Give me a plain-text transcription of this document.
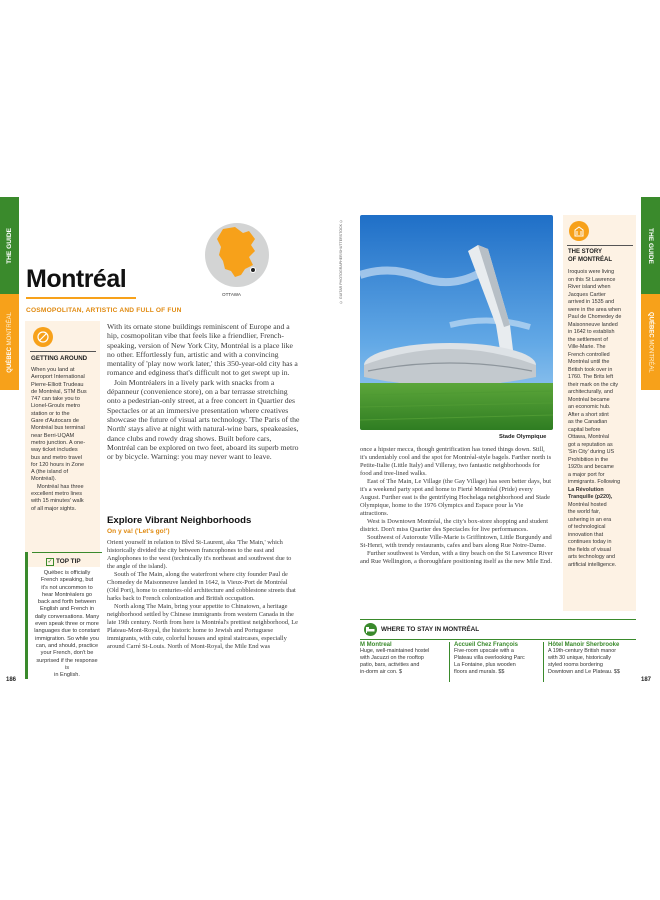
THE GUIDE
QUÉBEC MONTRÉAL
Montréal
COSMOPOLITAN, ARTISTIC AND FULL OF FUN
OTTAWA
GETTING AROUND
When you land at
Aeroport International
Pierre-Elliott Trudeau
de Montréal, STM Bus
747 can take you to
Lionel-Groulx metro
station or to the
Gare d'Autocars de
Montréal bus terminal
near Berri-UQAM
metro junction. A one-
way ticket includes
bus and metro travel
for 120 hours in Zone
A (the island of
Montréal).
Montréal has three
excellent metro lines
with 15 minutes' walk
of all major sights.
✓ TOP TIP
Québec is officially
French speaking, but
it's not uncommon to
hear Montréalers go
back and forth between
English and French in
daily conversations. Many
even speak three or more
languages due to constant
immigration. So while you
can, and should, practice
your French, don't be
surprised if the response is
in English.

With its ornate stone buildings reminiscent of Europe and a hip, cosmopolitan vibe that feels like a friendlier, French-speaking, version of New York City, Montréal is a place like no other. Effortlessly fun, artistic and with a convincing mentality of 'play now work later,' this 350-year-old city has a romance and edginess that's difficult not to get swept up in.

Join Montréalers in a lively park with snacks from a dépanneur (convenience store), on a bar terrasse stretching onto a pedestrian-only street, at a free concert in Quartier des Spectacles or at an immersive presentation where creatives showcase the future of visual arts technology. 'The Paris of the North' stays alive at night with natural-wine bars, speakeasies, dance clubs and rowdy drag shows. Built before cars, Montréal can be explored on two feet, aboard its superb metro or by bicycle. Warning: you may never want to leave.

Explore Vibrant Neighborhoods
On y va! ('Let's go!')

Orient yourself in relation to Blvd St-Laurent, aka 'The Main,' which historically divided the city between francophones to the east and Anglophones to the west (technically it's northeast and southwest due to the angle of the island).

South of The Main, along the waterfront where city founder Paul de Chomedey de Maisonneuve landed in 1642, is Vieux-Port de Montréal (Old Port), home to centuries-old architecture and cobblestone streets that harks back to French colonization and British occupation.

North along The Main, bring your appetite to Chinatown, a heritage neighborhood settled by Chinese immigrants from western Canada in the late 19th century. North from here is Montréal's prettiest neighborhood, Le Plateau-Mont-Royal, the historic home to Jewish and Portuguese immigrants, with cute, colorful houses and spiral staircases, especially around Carré St-Louis. North of Mont-Royal, the Mile End was

186
© GUITAR PHOTOGRAPHER/SHUTTERSTOCK ©
Stade Olympique

once a hipster mecca, though gentrification has toned things down. Still, it's undeniably cool and the spot for Montréal-style bagels. Farther north is Petite-Italie (Little Italy) and Villeray, two fantastic neighborhoods for food and tree-lined walks.

East of The Main, Le Village (the Gay Village) has seen better days, but it's a weekend party spot and home to Fierté Montréal (Pride) every August. Further east is the gentrifying Hochelaga neighborhood and Stade Olympique, home to the 1976 Olympics and Espace pour la Vie attractions.

West is Downtown Montréal, the city's box-store shopping and student district. Don't miss Quartier des Spectacles for live performances.

Southwest of Autoroute Ville-Marie is Griffintown, Little Burgundy and St-Henri, with trendy restaurants, cafes and bars along Rue Notre-Dame.

Further southwest is Verdun, with a tiny beach on the St Lawrence River and Rue Wellington, a thoroughfare positioning itself as the new Mile End.

THE STORY
OF MONTRÉAL
Iroquois were living
on this St Lawrence
River island when
Jacques Cartier
arrived in 1535 and
were in the area when
Paul de Chomedey de
Maisonneuve landed
in 1642 to establish
the settlement of
Ville-Marie. The
French controlled
Montréal until the
British took over in
1760. The Brits left
their mark on the city
architecturally, and
Montréal became
an economic hub.
After a short stint
as the Canadian
capital before
Ottawa, Montréal
got a reputation as
'Sin City' during US
Prohibition in the
1920s and became
a major port for
immigrants. Following
La Révolution
Tranquille (p220),
Montréal hosted
the world fair,
ushering in an era
of technological
innovation that
continues today in
the fields of visual
arts technology and
artificial intelligence.
THE GUIDE
QUÉBEC MONTRÉAL
WHERE TO STAY IN MONTRÉAL
M Montreal
Huge, well-maintained hostel
with Jacuzzi on the rooftop
patio, bars, activities and
in-dorm air con. $
Accueil Chez François
Five-room upscale with a
Plateau villa overlooking Parc
La Fontaine, plus wooden
floors and murals. $$
Hôtel Manoir Sherbrooke
A 19th-century British manor
with 30 unique, historically
styled rooms bordering
Downtown and Le Plateau. $$
187
